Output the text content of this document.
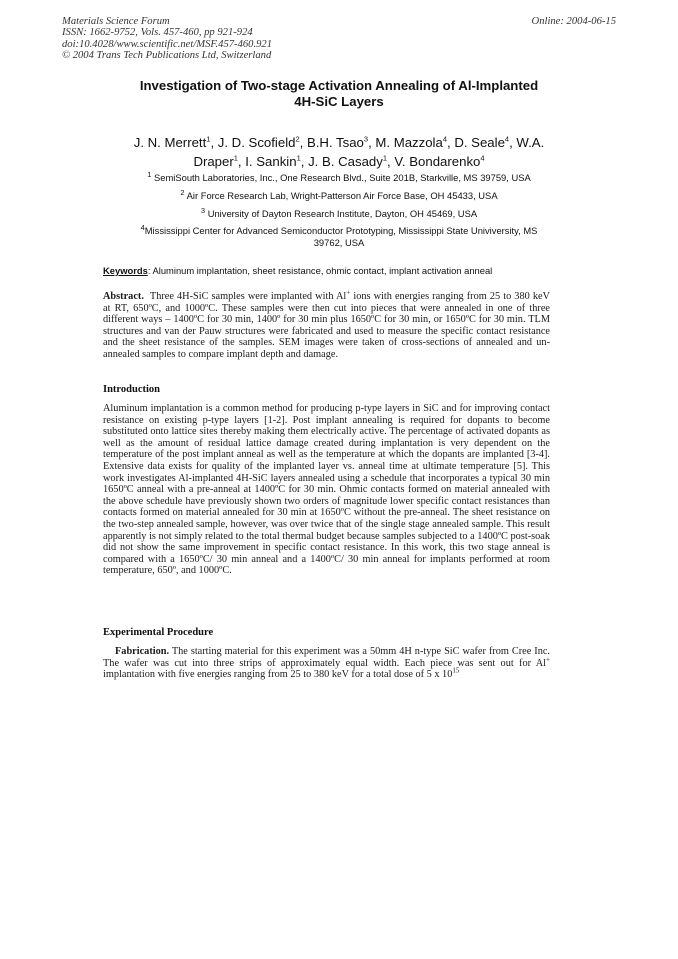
Materials Science Forum
ISSN: 1662-9752, Vols. 457-460, pp 921-924
doi:10.4028/www.scientific.net/MSF.457-460.921
© 2004 Trans Tech Publications Ltd, Switzerland
Online: 2004-06-15
Investigation of Two-stage Activation Annealing of Al-Implanted
4H-SiC Layers
J. N. Merrett$^1$, J. D. Scofield$^2$, B.H. Tsao$^3$, M. Mazzola$^4$, D. Seale$^4$, W.A.
Draper$^1$, I. Sankin$^1$, J. B. Casady$^1$, V. Bondarenko$^4$
$^1$ SemiSouth Laboratories, Inc., One Research Blvd., Suite 201B, Starkville, MS 39759, USA
$^2$ Air Force Research Lab, Wright-Patterson Air Force Base, OH 45433, USA
$^3$ University of Dayton Research Institute, Dayton, OH 45469, USA
$^4$Mississippi Center for Advanced Semiconductor Prototyping, Mississippi State Univiversity, MS
39762, USA
Keywords: Aluminum implantation, sheet resistance, ohmic contact, implant activation anneal
Abstract. Three 4H-SiC samples were implanted with Al+ ions with energies ranging from 25 to 380 keV at RT, 650ºC, and 1000ºC. These samples were then cut into pieces that were annealed in one of three different ways – 1400ºC for 30 min, 1400º for 30 min plus 1650ºC for 30 min, or 1650ºC for 30 min. TLM structures and van der Pauw structures were fabricated and used to measure the specific contact resistance and the sheet resistance of the samples. SEM images were taken of cross-sections of annealed and un-annealed samples to compare implant depth and damage.
Introduction
Aluminum implantation is a common method for producing p-type layers in SiC and for improving contact resistance on existing p-type layers [1-2]. Post implant annealing is required for dopants to become substituted onto lattice sites thereby making them electrically active. The percentage of activated dopants as well as the amount of residual lattice damage created during implantation is very dependent on the temperature of the post implant anneal as well as the temperature at which the dopants are implanted [3-4]. Extensive data exists for quality of the implanted layer vs. anneal time at ultimate temperature [5]. This work investigates Al-implanted 4H-SiC layers annealed using a schedule that incorporates a typical 30 min 1650ºC anneal with a pre-anneal at 1400ºC for 30 min. Ohmic contacts formed on material annealed with the above schedule have previously shown two orders of magnitude lower specific contact resistances than contacts formed on material annealed for 30 min at 1650ºC without the pre-anneal. The sheet resistance on the two-step annealed sample, however, was over twice that of the single stage annealed sample. This result apparently is not simply related to the total thermal budget because samples subjected to a 1400ºC post-soak did not show the same improvement in specific contact resistance. In this work, this two stage anneal is compared with a 1650ºC/ 30 min anneal and a 1400ºC/ 30 min anneal for implants performed at room temperature, 650º, and 1000ºC.
Experimental Procedure
Fabrication. The starting material for this experiment was a 50mm 4H n-type SiC wafer from Cree Inc. The wafer was cut into three strips of approximately equal width. Each piece was sent out for Al+ implantation with five energies ranging from 25 to 380 keV for a total dose of 5 x $10^{15}$
